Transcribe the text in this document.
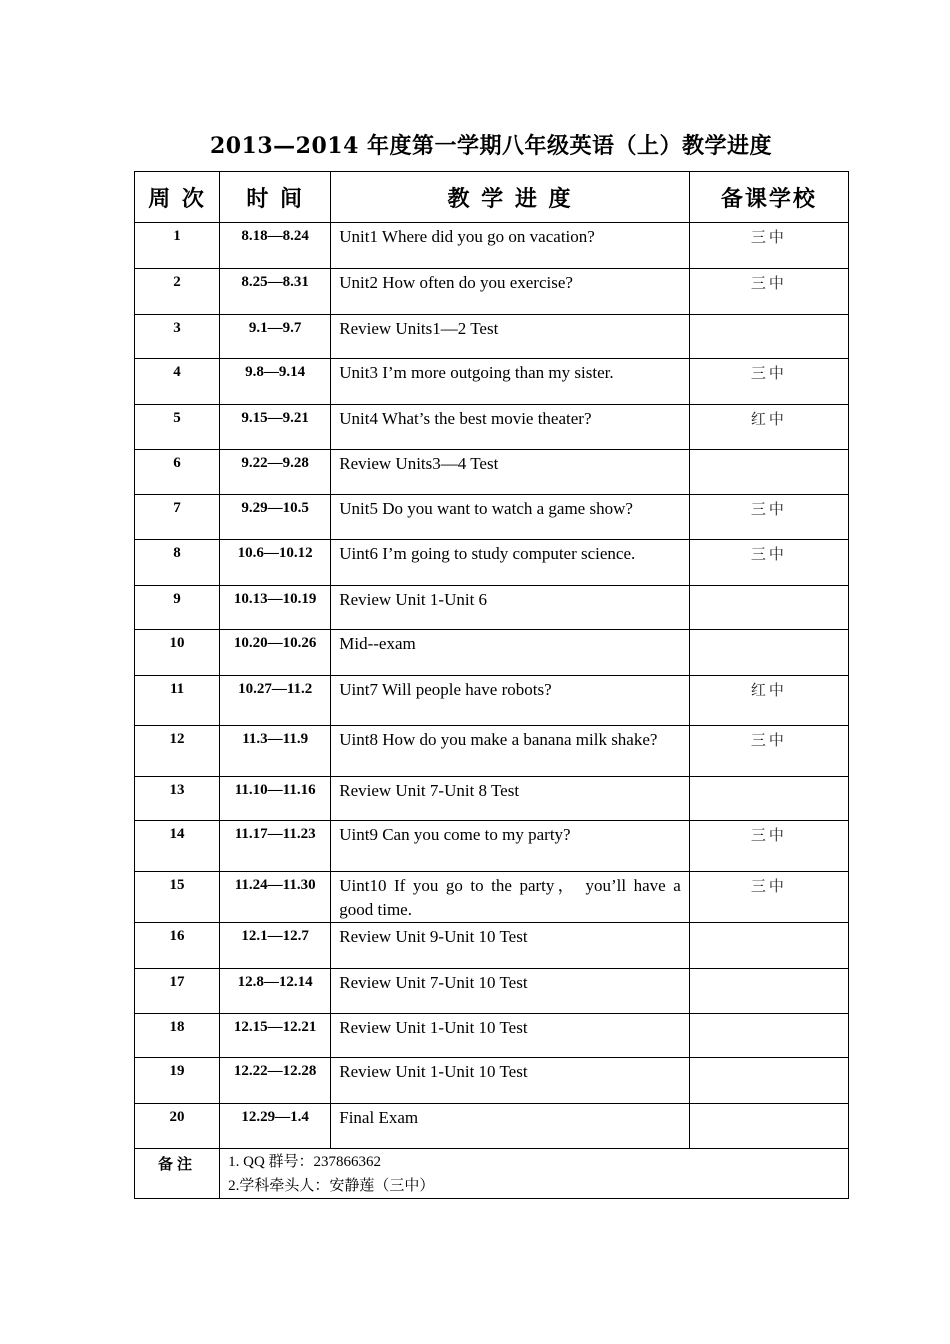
2013—2014 年度第一学期八年级英语（上）教学进度
周 次	时 间	教 学 进 度	备课学校
1	8.18—8.24	Unit1 Where did you go on vacation?	三中
2	8.25—8.31	Unit2 How often do you exercise?	三中
3	9.1—9.7	Review Units1—2 Test	
4	9.8—9.14	Unit3 I’m more outgoing than my sister.	三中
5	9.15—9.21	Unit4 What’s the best movie theater?	红中
6	9.22—9.28	Review Units3—4 Test	
7	9.29—10.5	Unit5 Do you want to watch a game show?	三中
8	10.6—10.12	Uint6 I’m going to study computer science.	三中
9	10.13—10.19	Review Unit 1-Unit 6	
10	10.20—10.26	Mid--exam	
11	10.27—11.2	Uint7 Will people have robots?	红中
12	11.3—11.9	Uint8 How do you make a banana milk shake?	三中
13	11.10—11.16	Review Unit 7-Unit 8 Test	
14	11.17—11.23	Uint9 Can you come to my party?	三中
15	11.24—11.30	Uint10 If you go to the party， you’ll have a good time.	三中
16	12.1—12.7	Review Unit 9-Unit 10 Test	
17	12.8—12.14	Review Unit 7-Unit 10 Test	
18	12.15—12.21	Review Unit 1-Unit 10 Test	
19	12.22—12.28	Review Unit 1-Unit 10 Test	
20	12.29—1.4	Final Exam	
备注	1. QQ 群号：237866362
2.学科牵头人：安静莲（三中）		
